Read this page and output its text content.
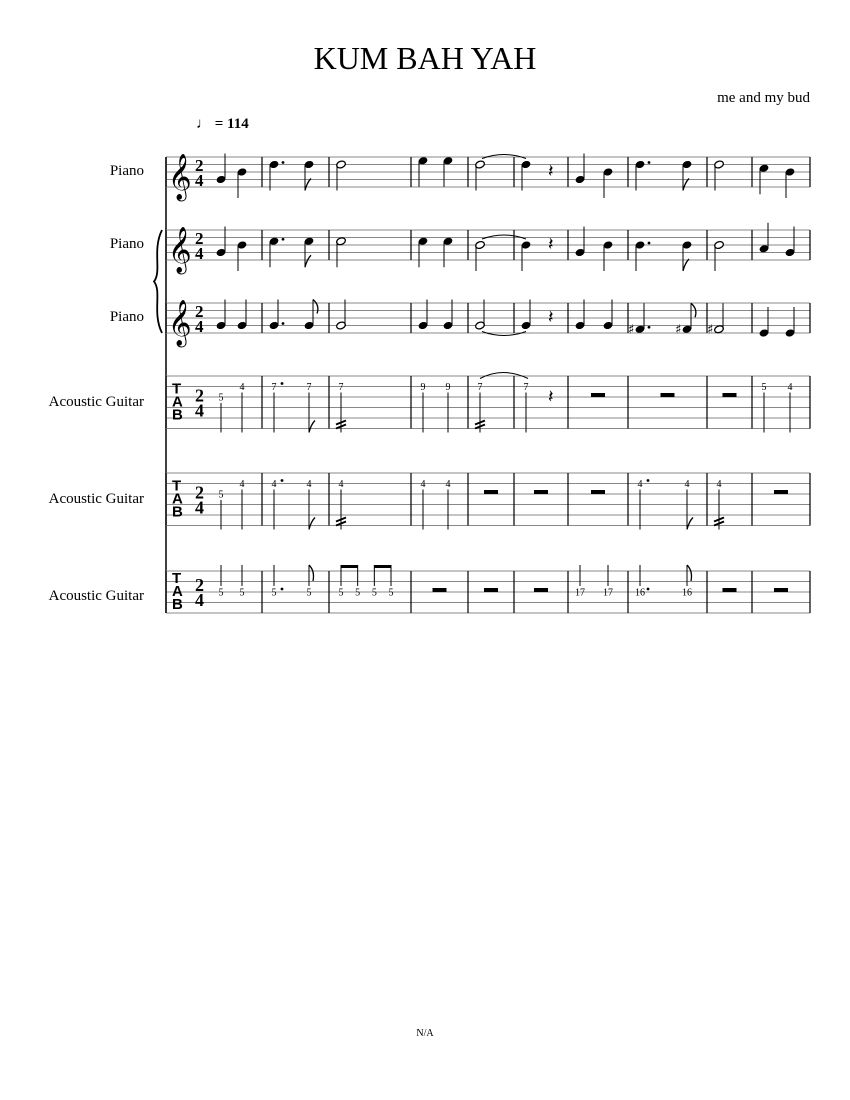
KUM BAH YAH
me and my bud
♩ = 114
Piano
Piano
Piano
Acoustic Guitar
Acoustic Guitar
Acoustic Guitar
𝄞 2
4	𝄽
𝄞 2
4	𝄽
𝄞 2
4	𝄽
♯	♯ ♯
T
A
B
2
4
5
4	7	7	7	9 9	7	7 𝄽	5 4
T
A
B
2
4
5
4	4	4	4	4 4	4	4	4
T
A
B
2
4 5 5	5	5	5 5 5 5	17 17 16	16
N/A
